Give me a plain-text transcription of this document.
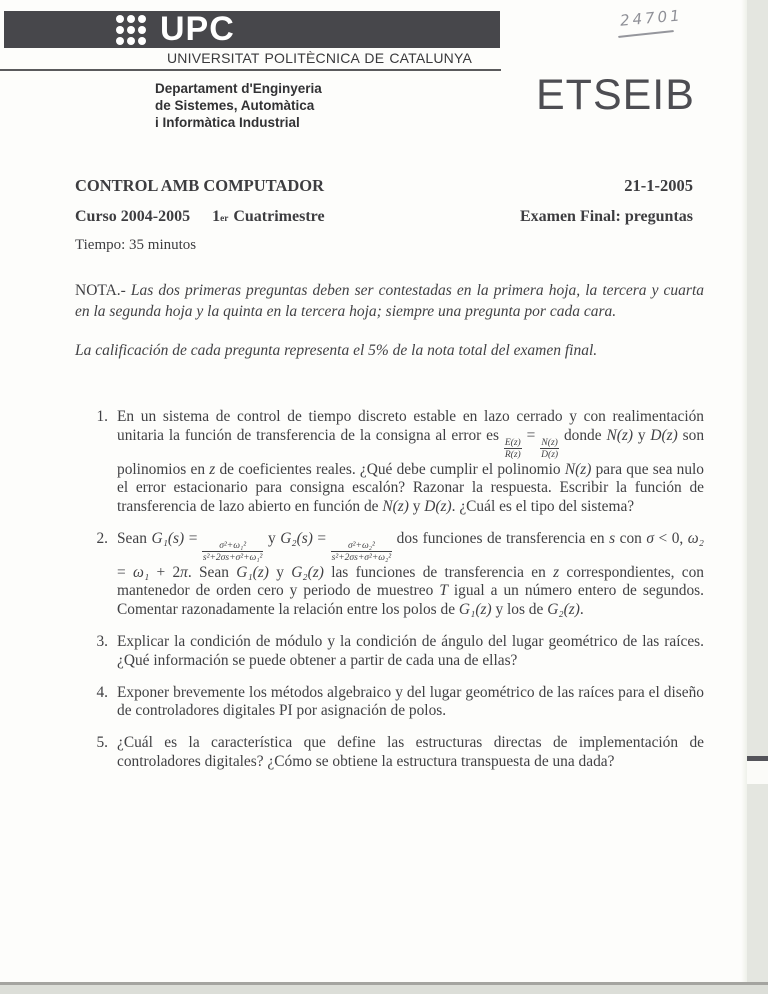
UPC
UNIVERSITAT POLITÈCNICA DE CATALUNYA
Departament d'Enginyeria
de Sistemes, Automàtica
i Informàtica Industrial
ETSEIB
24701
CONTROL AMB COMPUTADOR	21-1-2005
Curso 2004-2005 1 er Cuatrimestre	Examen Final: preguntas
Tiempo: 35 minutos

NOTA.- Las dos primeras preguntas deben ser contestadas en la primera hoja, la tercera y cuarta en la segunda hoja y la quinta en la tercera hoja; siempre una pregunta por cada cara.

La calificación de cada pregunta representa el 5% de la nota total del examen final.

1. En un sistema de control de tiempo discreto estable en lazo cerrado y con realimentación unitaria la función de transferencia de la consigna al error es
$\frac{E(z)}{R(z)}$
=
$\frac{N(z)}{D(z)}$
donde N(z) y D(z) son polinomios en z de coeficientes reales. ¿Qué debe cumplir el polinomio N(z) para que sea nulo el error estacionario para consigna escalón? Razonar la respuesta. Escribir la función de transferencia de lazo abierto en función de N(z) y D(z). ¿Cuál es el tipo del sistema?
2. Sean G₁(s) =
$\frac{\text{σ²+ω₁²}}{\text{s²+2σs+σ²+ω₁²}}$
y G₂(s) =
$\frac{\text{σ²+ω₂²}}{\text{s²+2σs+σ²+ω₂²}}$
dos funciones de transferencia en s con σ < 0, ω₂ = ω₁ + 2π. Sean G₁(z) y G₂(z) las funciones de transferencia en z correspondientes, con mantenedor de orden cero y periodo de muestreo T igual a un número entero de segundos. Comentar razonadamente la relación entre los polos de G₁(z) y los de G₂(z).
3. Explicar la condición de módulo y la condición de ángulo del lugar geométrico de las raíces. ¿Qué información se puede obtener a partir de cada una de ellas?
4. Exponer brevemente los métodos algebraico y del lugar geométrico de las raíces para el diseño de controladores digitales PI por asignación de polos.
5. ¿Cuál es la característica que define las estructuras directas de implementación de controladores digitales? ¿Cómo se obtiene la estructura transpuesta de una dada?
